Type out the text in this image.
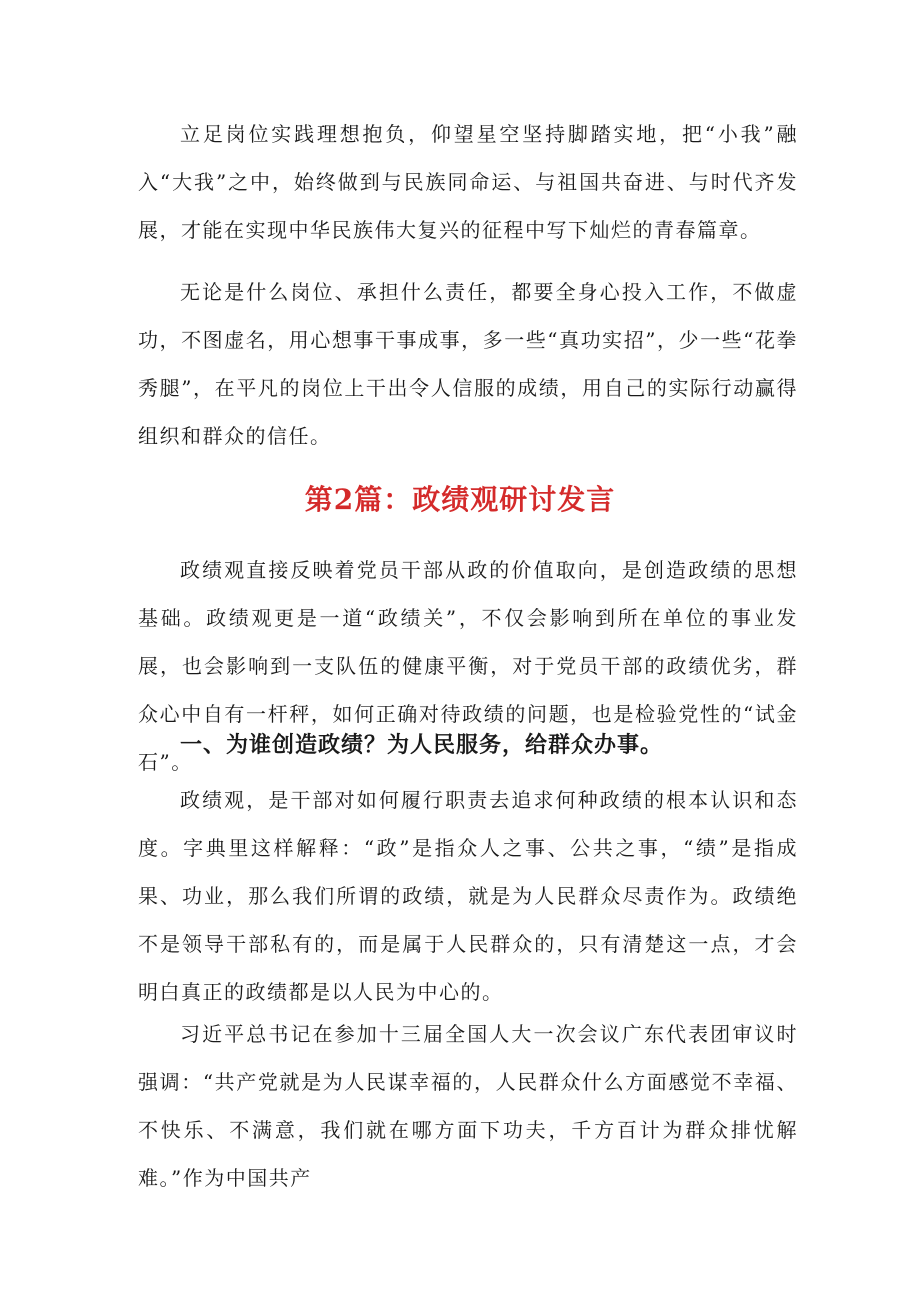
立足岗位实践理想抱负，仰望星空坚持脚踏实地，把“小我”融入“大我”之中，始终做到与民族同命运、与祖国共奋进、与时代齐发展，才能在实现中华民族伟大复兴的征程中写下灿烂的青春篇章。

无论是什么岗位、承担什么责任，都要全身心投入工作，不做虚功，不图虚名，用心想事干事成事，多一些“真功实招”，少一些“花拳秀腿”，在平凡的岗位上干出令人信服的成绩，用自己的实际行动赢得组织和群众的信任。

第2篇：政绩观研讨发言

政绩观直接反映着党员干部从政的价值取向，是创造政绩的思想基础。政绩观更是一道“政绩关”，不仅会影响到所在单位的事业发展，也会影响到一支队伍的健康平衡，对于党员干部的政绩优劣，群众心中自有一杆秤，如何正确对待政绩的问题，也是检验党性的“试金石”。

一、为谁创造政绩？为人民服务，给群众办事。

政绩观，是干部对如何履行职责去追求何种政绩的根本认识和态度。字典里这样解释：“政”是指众人之事、公共之事，“绩”是指成果、功业，那么我们所谓的政绩，就是为人民群众尽责作为。政绩绝不是领导干部私有的，而是属于人民群众的，只有清楚这一点，才会明白真正的政绩都是以人民为中心的。

习近平总书记在参加十三届全国人大一次会议广东代表团审议时强调：“共产党就是为人民谋幸福的，人民群众什么方面感觉不幸福、不快乐、不满意，我们就在哪方面下功夫，千方百计为群众排忧解难。”作为中国共产
